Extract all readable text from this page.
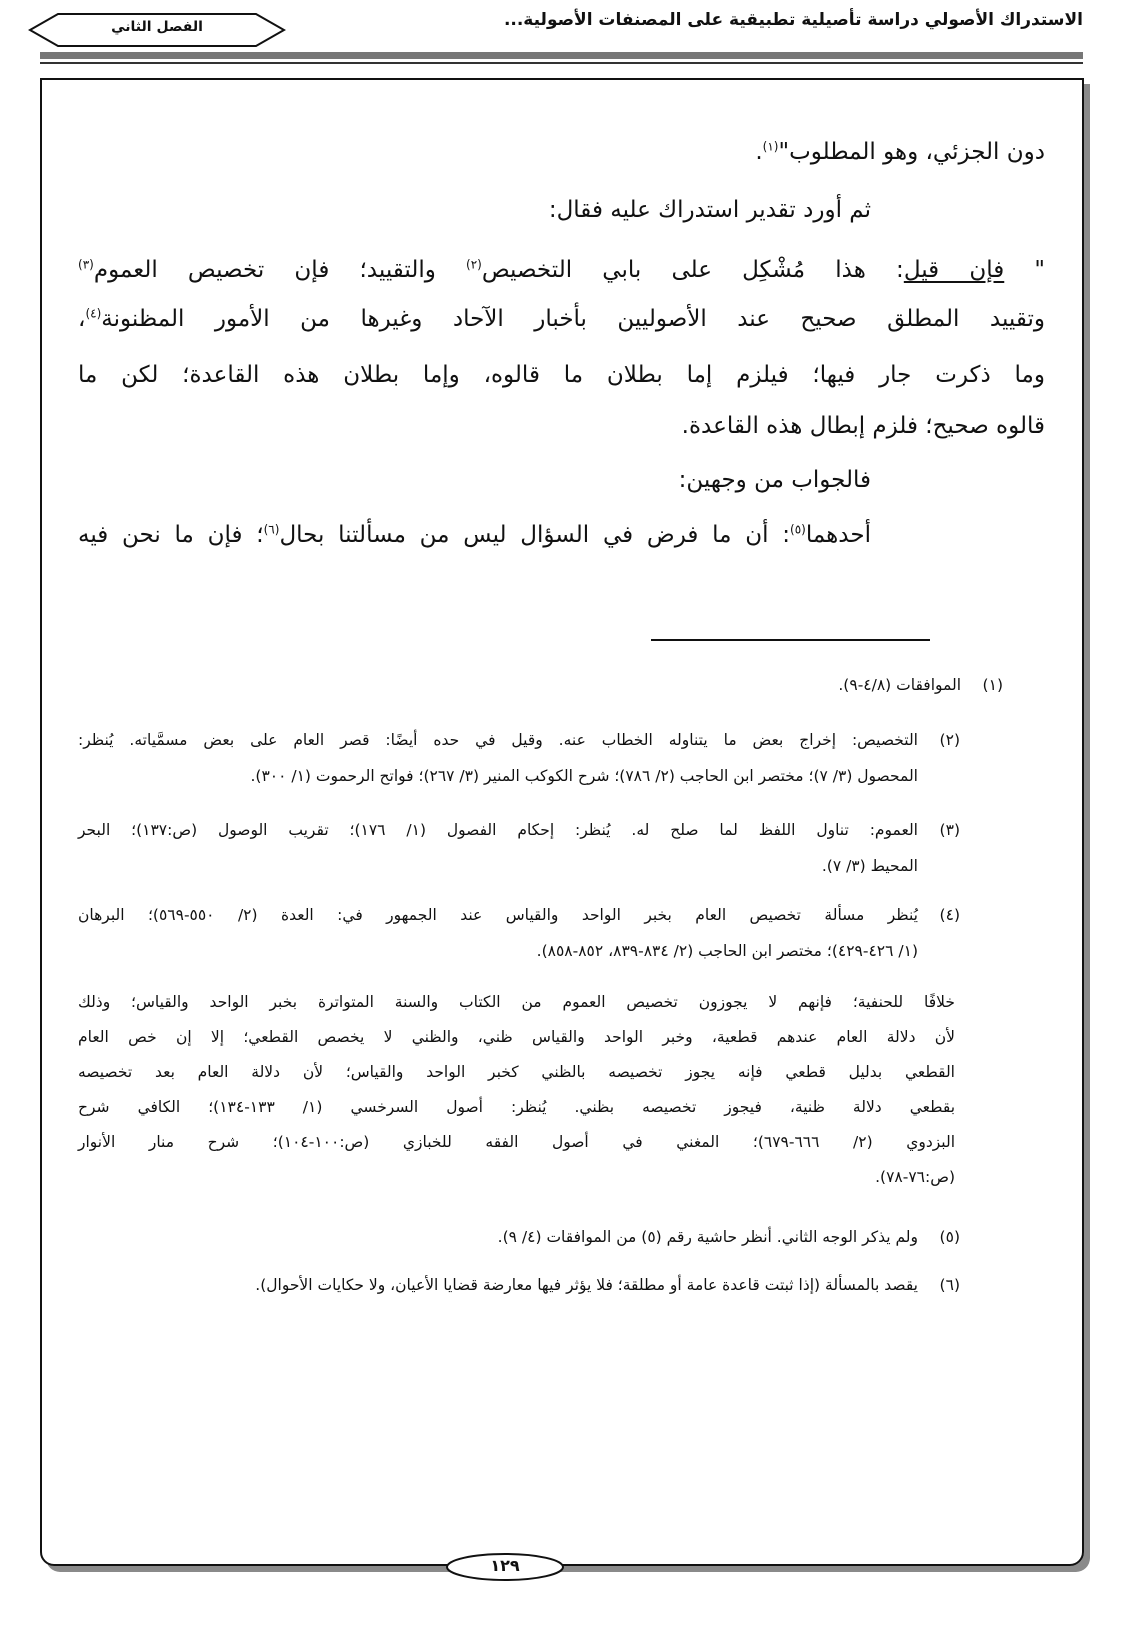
الاستدراك الأصولي دراسة تأصيلية تطبيقية على المصنفات الأصولية...
الفصل الثاني
دون الجزئي، وهو المطلوب"$^{(١)}$.
ثم أورد تقدير استدراك عليه فقال:
" فإن قيل: هذا مُشْكِل على بابي التخصيص$^{(٢)}$ والتقييد؛ فإن تخصيص العموم$^{(٣)}$
وتقييد المطلق صحيح عند الأصوليين بأخبار الآحاد وغيرها من الأمور المظنونة$^{(٤)}$،
وما ذكرت جار فيها؛ فيلزم إما بطلان ما قالوه، وإما بطلان هذه القاعدة؛ لكن ما
قالوه صحيح؛ فلزم إبطال هذه القاعدة.
فالجواب من وجهين:
أحدهما$^{(٥)}$: أن ما فرض في السؤال ليس من مسألتنا بحال$^{(٦)}$؛ فإن ما نحن فيه
(١)
الموافقات (٤/٨-٩).
(٢)
التخصيص: إخراج بعض ما يتناوله الخطاب عنه. وقيل في حده أيضًا: قصر العام على بعض مسمَّياته. يُنظر:
المحصول (٣/ ٧)؛ مختصر ابن الحاجب (٢/ ٧٨٦)؛ شرح الكوكب المنير (٣/ ٢٦٧)؛ فواتح الرحموت (١/ ٣٠٠).
(٣)
العموم: تناول اللفظ لما صلح له. يُنظر: إحكام الفصول (١/ ١٧٦)؛ تقريب الوصول (ص:١٣٧)؛ البحر
المحيط (٣/ ٧).
(٤)
يُنظر مسألة تخصيص العام بخبر الواحد والقياس عند الجمهور في: العدة (٢/ ٥٥٠-٥٦٩)؛ البرهان
(١/ ٤٢٦-٤٢٩)؛ مختصر ابن الحاجب (٢/ ٨٣٤-٨٣٩، ٨٥٢-٨٥٨).
خلافًا للحنفية؛ فإنهم لا يجوزون تخصيص العموم من الكتاب والسنة المتواترة بخبر الواحد والقياس؛ وذلك
لأن دلالة العام عندهم قطعية، وخبر الواحد والقياس ظني، والظني لا يخصص القطعي؛ إلا إن خص العام
القطعي بدليل قطعي فإنه يجوز تخصيصه بالظني كخبر الواحد والقياس؛ لأن دلالة العام بعد تخصيصه
بقطعي دلالة ظنية، فيجوز تخصيصه بظني. يُنظر: أصول السرخسي (١/ ١٣٣-١٣٤)؛ الكافي شرح
البزدوي (٢/ ٦٦٦-٦٧٩)؛ المغني في أصول الفقه للخبازي (ص:١٠٠-١٠٤)؛ شرح منار الأنوار
(ص:٧٦-٧٨).
(٥)
ولم يذكر الوجه الثاني. أنظر حاشية رقم (٥) من الموافقات (٤/ ٩).
(٦)
يقصد بالمسألة (إذا ثبتت قاعدة عامة أو مطلقة؛ فلا يؤثر فيها معارضة قضايا الأعيان، ولا حكايات الأحوال).
١٢٩
